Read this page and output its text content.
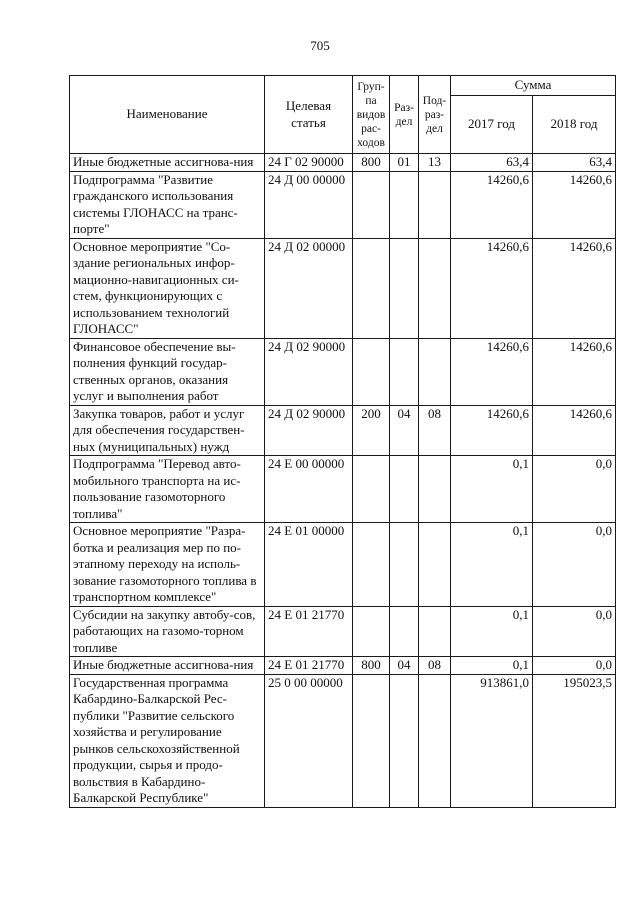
705
Наименование	Целевая статья	Груп-па видов рас-ходов	Раз-дел	Под-раз-дел	Сумма	
					2017 год	2018 год
Иные бюджетные ассигнова-ния	24 Г 02 90000	800	01	13	63,4	63,4
Подпрограмма "Развитие гражданского использования системы ГЛОНАСС на транс-порте"	24 Д 00 00000				14260,6	14260,6
Основное мероприятие "Со-здание региональных инфор-мационно-навигационных си-стем, функционирующих с использованием технологий ГЛОНАСС"	24 Д 02 00000				14260,6	14260,6
Финансовое обеспечение вы-полнения функций государ-ственных органов, оказания услуг и выполнения работ	24 Д 02 90000				14260,6	14260,6
Закупка товаров, работ и услуг для обеспечения государствен-ных (муниципальных) нужд	24 Д 02 90000	200	04	08	14260,6	14260,6
Подпрограмма "Перевод авто-мобильного транспорта на ис-пользование газомоторного топлива"	24 Е 00 00000				0,1	0,0
Основное мероприятие "Разра-ботка и реализация мер по по-этапному переходу на исполь-зование газомоторного топлива в транспортном комплексе"	24 Е 01 00000				0,1	0,0
Субсидии на закупку автобу-сов, работающих на газомо-торном топливе	24 Е 01 21770				0,1	0,0
Иные бюджетные ассигнова-ния	24 Е 01 21770	800	04	08	0,1	0,0
Государственная программа Кабардино-Балкарской Рес-публики "Развитие сельского хозяйства и регулирование рынков сельскохозяйственной продукции, сырья и продо-вольствия в Кабардино-Балкарской Республике"	25 0 00 00000				913861,0	195023,5
